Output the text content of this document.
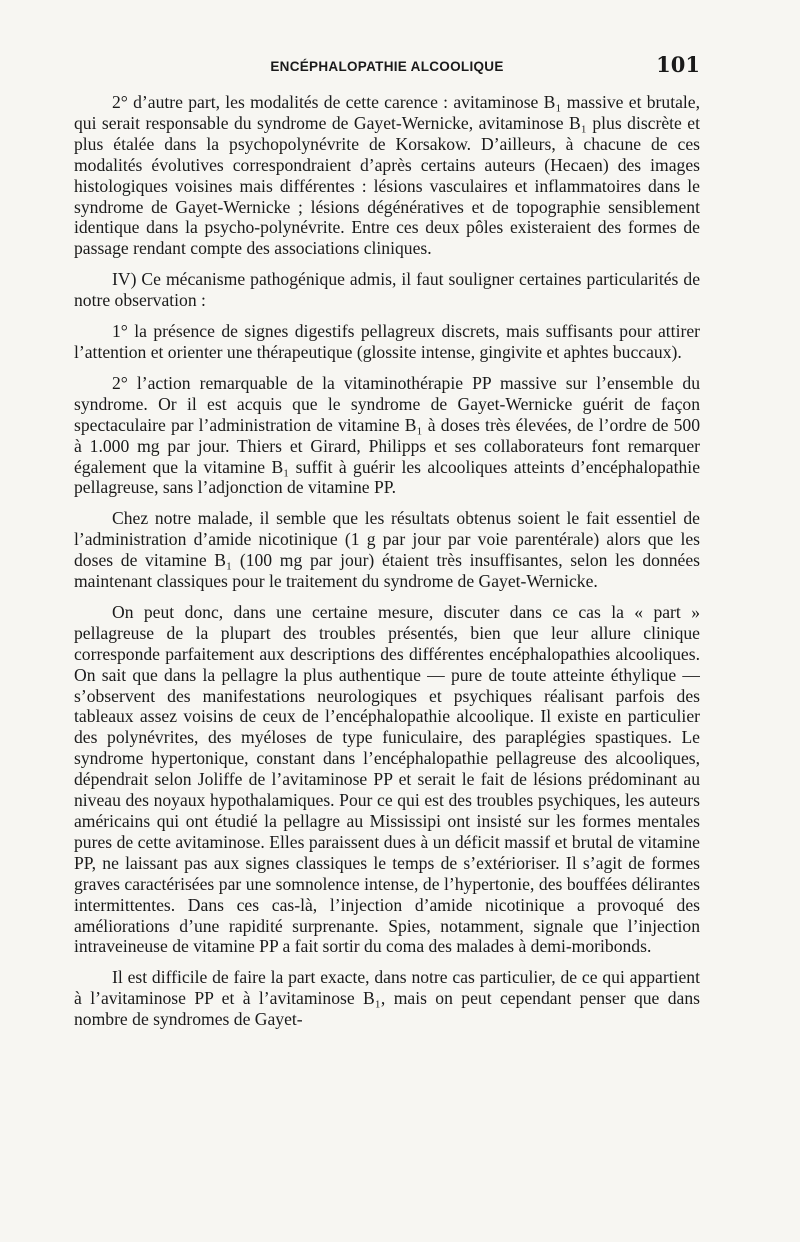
ENCÉPHALOPATHIE ALCOOLIQUE	101

2° d’autre part, les modalités de cette carence : avitaminose B₁ massive et brutale, qui serait responsable du syndrome de Gayet-Wernicke, avitaminose B₁ plus discrète et plus étalée dans la psychopolynévrite de Korsakow. D’ailleurs, à chacune de ces modalités évolutives correspondraient d’après certains auteurs (Hecaen) des images histologiques voisines mais différentes : lésions vasculaires et inflammatoires dans le syndrome de Gayet-Wernicke ; lésions dégénératives et de topographie sensiblement identique dans la psycho-polynévrite. Entre ces deux pôles existeraient des formes de passage rendant compte des associations cliniques.

IV) Ce mécanisme pathogénique admis, il faut souligner certaines particularités de notre observation :

1° la présence de signes digestifs pellagreux discrets, mais suffisants pour attirer l’attention et orienter une thérapeutique (glossite intense, gingivite et aphtes buccaux).

2° l’action remarquable de la vitaminothérapie PP massive sur l’ensemble du syndrome. Or il est acquis que le syndrome de Gayet-Wernicke guérit de façon spectaculaire par l’administration de vitamine B₁ à doses très élevées, de l’ordre de 500 à 1.000 mg par jour. Thiers et Girard, Philipps et ses collaborateurs font remarquer également que la vitamine B₁ suffit à guérir les alcooliques atteints d’encéphalopathie pellagreuse, sans l’adjonction de vitamine PP.

Chez notre malade, il semble que les résultats obtenus soient le fait essentiel de l’administration d’amide nicotinique (1 g par jour par voie parentérale) alors que les doses de vitamine B₁ (100 mg par jour) étaient très insuffisantes, selon les données maintenant classiques pour le traitement du syndrome de Gayet-Wernicke.

On peut donc, dans une certaine mesure, discuter dans ce cas la « part » pellagreuse de la plupart des troubles présentés, bien que leur allure clinique corresponde parfaitement aux descriptions des différentes encéphalopathies alcooliques. On sait que dans la pellagre la plus authentique — pure de toute atteinte éthylique — s’observent des manifestations neurologiques et psychiques réalisant parfois des tableaux assez voisins de ceux de l’encéphalopathie alcoolique. Il existe en particulier des polynévrites, des myéloses de type funiculaire, des paraplégies spastiques. Le syndrome hypertonique, constant dans l’encéphalopathie pellagreuse des alcooliques, dépendrait selon Joliffe de l’avitaminose PP et serait le fait de lésions prédominant au niveau des noyaux hypothalamiques. Pour ce qui est des troubles psychiques, les auteurs américains qui ont étudié la pellagre au Mississipi ont insisté sur les formes mentales pures de cette avitaminose. Elles paraissent dues à un déficit massif et brutal de vitamine PP, ne laissant pas aux signes classiques le temps de s’extérioriser. Il s’agit de formes graves caractérisées par une somnolence intense, de l’hypertonie, des bouffées délirantes intermittentes. Dans ces cas-là, l’injection d’amide nicotinique a provoqué des améliorations d’une rapidité surprenante. Spies, notamment, signale que l’injection intraveineuse de vitamine PP a fait sortir du coma des malades à demi-moribonds.

Il est difficile de faire la part exacte, dans notre cas particulier, de ce qui appartient à l’avitaminose PP et à l’avitaminose B₁, mais on peut cependant penser que dans nombre de syndromes de Gayet-
